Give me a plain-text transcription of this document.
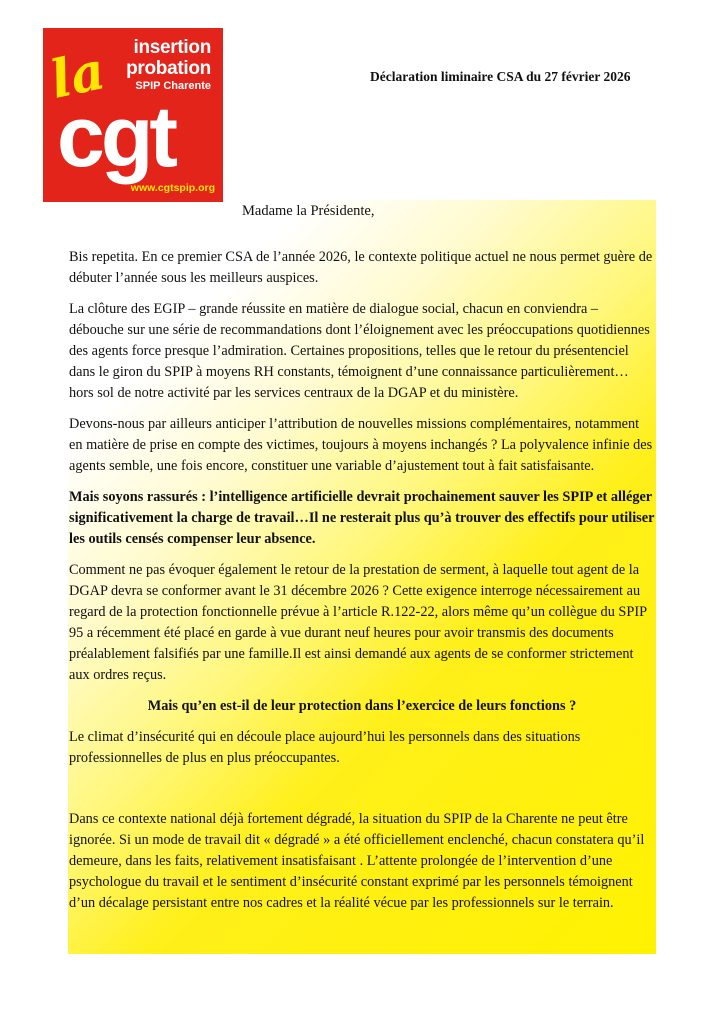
la insertion
probation
SPIP Charente
cgt
www.cgtspip.org
Déclaration liminaire CSA du 27 février 2026
Madame la Présidente,

Bis repetita. En ce premier CSA de l’année 2026, le contexte politique actuel ne nous permet guère de débuter l’année sous les meilleurs auspices.

La clôture des EGIP – grande réussite en matière de dialogue social, chacun en conviendra – débouche sur une série de recommandations dont l’éloignement avec les préoccupations quotidiennes des agents force presque l’admiration. Certaines propositions, telles que le retour du présentenciel dans le giron du SPIP à moyens RH constants, témoignent d’une connaissance particulièrement… hors sol de notre activité par les services centraux de la DGAP et du ministère.

Devons-nous par ailleurs anticiper l’attribution de nouvelles missions complémentaires, notamment en matière de prise en compte des victimes, toujours à moyens inchangés ? La polyvalence infinie des agents semble, une fois encore, constituer une variable d’ajustement tout à fait satisfaisante.

Mais soyons rassurés : l’intelligence artificielle devrait prochainement sauver les SPIP et alléger significativement la charge de travail…Il ne resterait plus qu’à trouver des effectifs pour utiliser les outils censés compenser leur absence.

Comment ne pas évoquer également le retour de la prestation de serment, à laquelle tout agent de la DGAP devra se conformer avant le 31 décembre 2026 ? Cette exigence interroge nécessairement au regard de la protection fonctionnelle prévue à l’article R.122-22, alors même qu’un collègue du SPIP 95 a récemment été placé en garde à vue durant neuf heures pour avoir transmis des documents préalablement falsifiés par une famille.Il est ainsi demandé aux agents de se conformer strictement aux ordres reçus.

Mais qu’en est-il de leur protection dans l’exercice de leurs fonctions ?

Le climat d’insécurité qui en découle place aujourd’hui les personnels dans des situations professionnelles de plus en plus préoccupantes.

Dans ce contexte national déjà fortement dégradé, la situation du SPIP de la Charente ne peut être ignorée. Si un mode de travail dit « dégradé » a été officiellement enclenché, chacun constatera qu’il demeure, dans les faits, relativement insatisfaisant . L’attente prolongée de l’intervention d’une psychologue du travail et le sentiment d’insécurité constant exprimé par les personnels témoignent d’un décalage persistant entre nos cadres et la réalité vécue par les professionnels sur le terrain.
